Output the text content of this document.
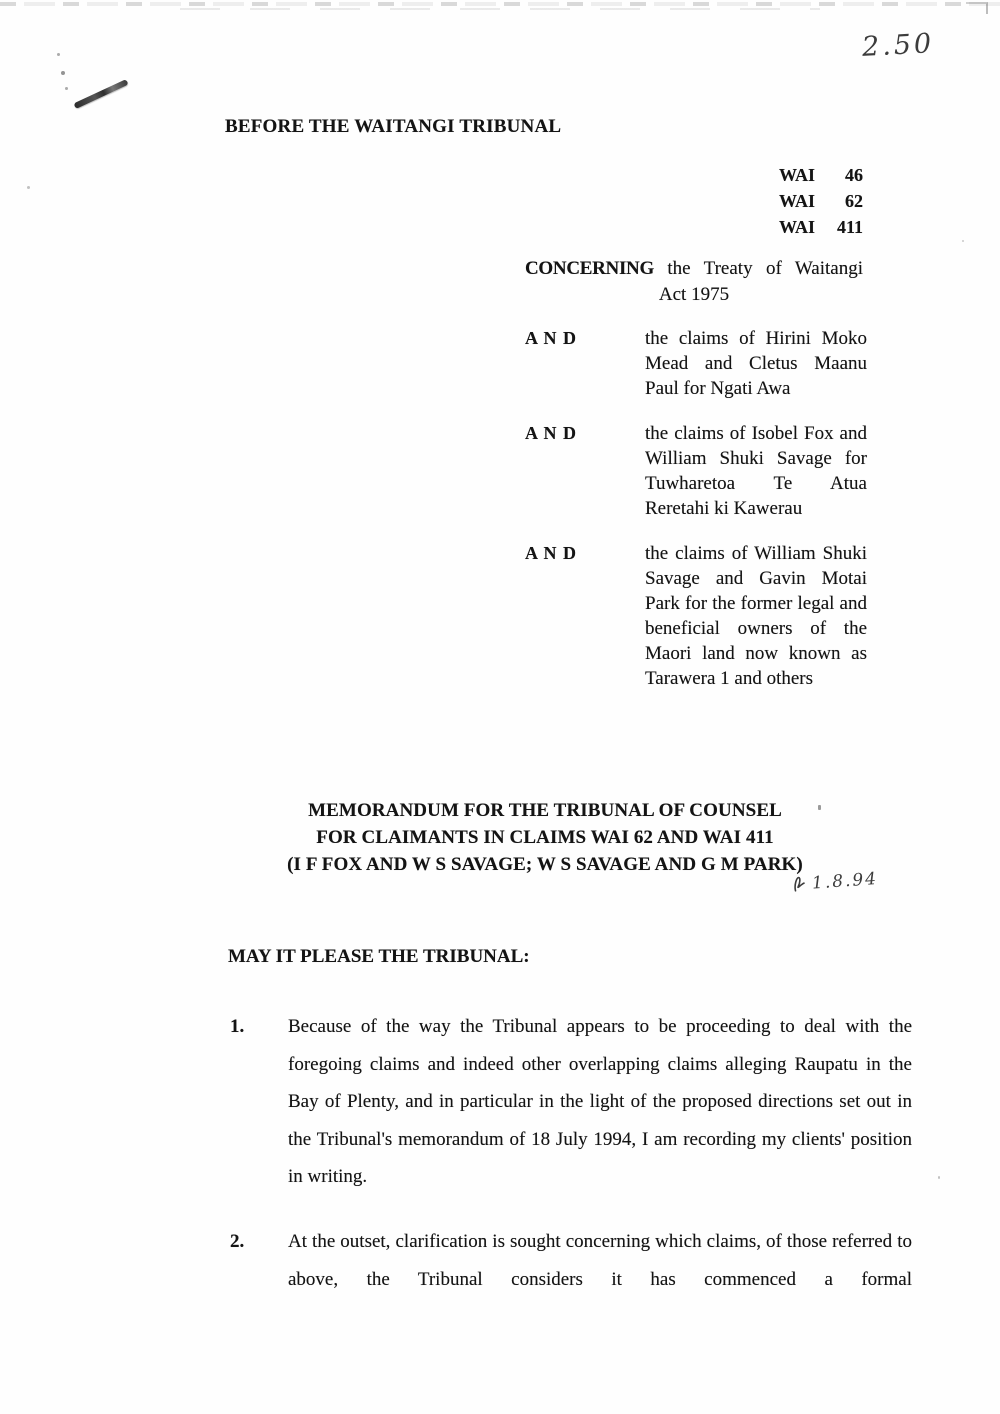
2.50
BEFORE THE WAITANGI TRIBUNAL
WAI 46
WAI 62
WAI 411
CONCERNING the Treaty of Waitangi
Act 1975
A N D	the claims of Hirini Moko Mead and Cletus Maanu Paul for Ngati Awa
A N D	the claims of Isobel Fox and William Shuki Savage for Tuwharetoa Te Atua Reretahi ki Kawerau
A N D	the claims of William Shuki Savage and Gavin Motai Park for the former legal and beneficial owners of the Maori land now known as Tarawera 1 and others
MEMORANDUM FOR THE TRIBUNAL OF COUNSEL
FOR CLAIMANTS IN CLAIMS WAI 62 AND WAI 411
(I F FOX AND W S SAVAGE; W S SAVAGE AND G M PARK)
1.8.94
MAY IT PLEASE THE TRIBUNAL:
1.	Because of the way the Tribunal appears to be proceeding to deal with the foregoing claims and indeed other overlapping claims alleging Raupatu in the Bay of Plenty, and in particular in the light of the proposed directions set out in the Tribunal's memorandum of 18 July 1994, I am recording my clients' position in writing.
2.	At the outset, clarification is sought concerning which claims, of those referred to above, the Tribunal considers it has commenced a formal
